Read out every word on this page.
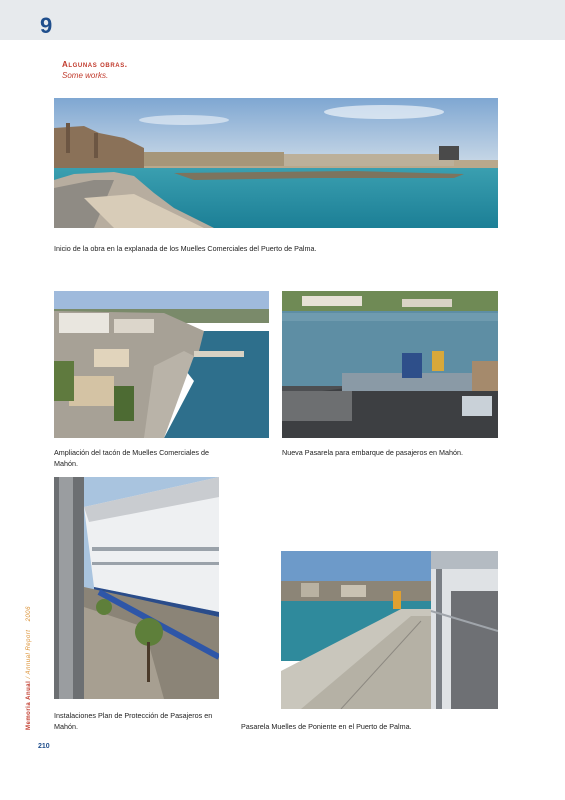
9
Algunas obras.
Some works.
Inicio de la obra en la explanada de los Muelles Comerciales del Puerto de Palma.
Ampliación del tacón de Muelles Comerciales de Mahón.
Nueva Pasarela para embarque de pasajeros en Mahón.
Instalaciones Plan de Protección de Pasajeros en Mahón.	Pasarela Muelles de Poniente en el Puerto de Palma.
Memoria Anual / Annual Report 2006
210
